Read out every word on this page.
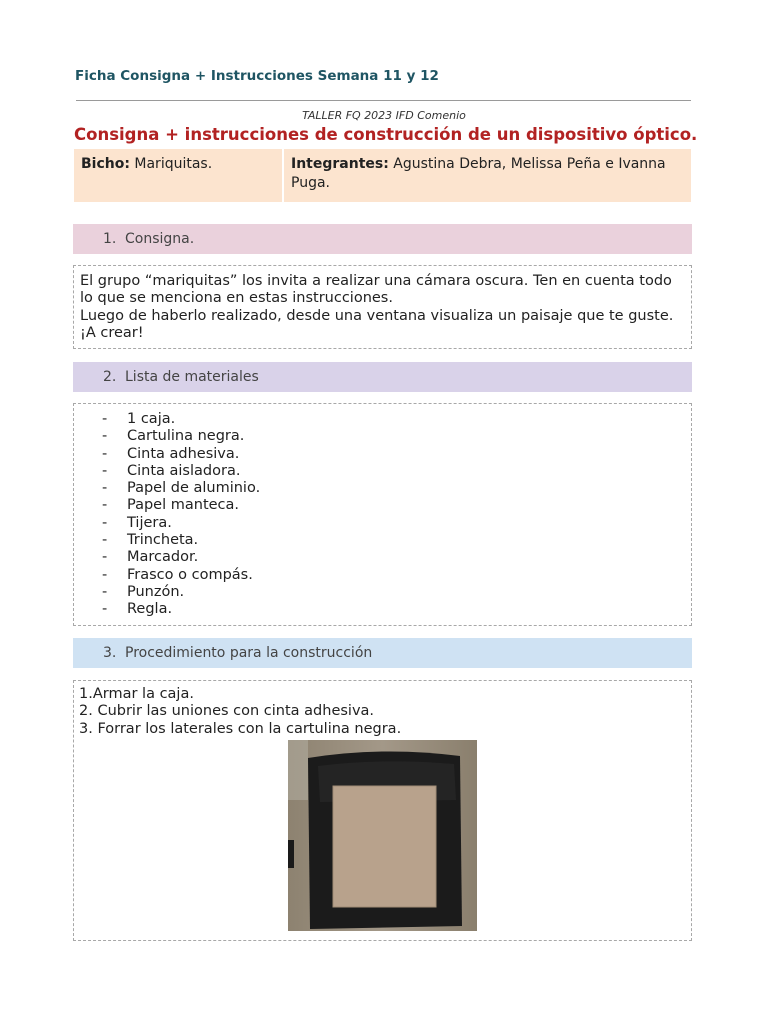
Ficha Consigna + Instrucciones Semana 11 y 12
TALLER FQ 2023 IFD Comenio
Consigna + instrucciones de construcción de un dispositivo óptico.
Bicho: Mariquitas.	Integrantes: Agustina Debra, Melissa Peña e Ivanna Puga.
1. Consigna.
El grupo “mariquitas” los invita a realizar una cámara oscura. Ten en cuenta todo lo que se menciona en estas instrucciones.
Luego de haberlo realizado, desde una ventana visualiza un paisaje que te guste. ¡A crear!
2. Lista de materiales
-	1 caja.
-	Cartulina negra.
-	Cinta adhesiva.
-	Cinta aisladora.
-	Papel de aluminio.
-	Papel manteca.
-	Tijera.
-	Trincheta.
-	Marcador.
-	Frasco o compás.
-	Punzón.
-	Regla.
3. Procedimiento para la construcción
1.Armar la caja.
2. Cubrir las uniones con cinta adhesiva.
3. Forrar los laterales con la cartulina negra.
